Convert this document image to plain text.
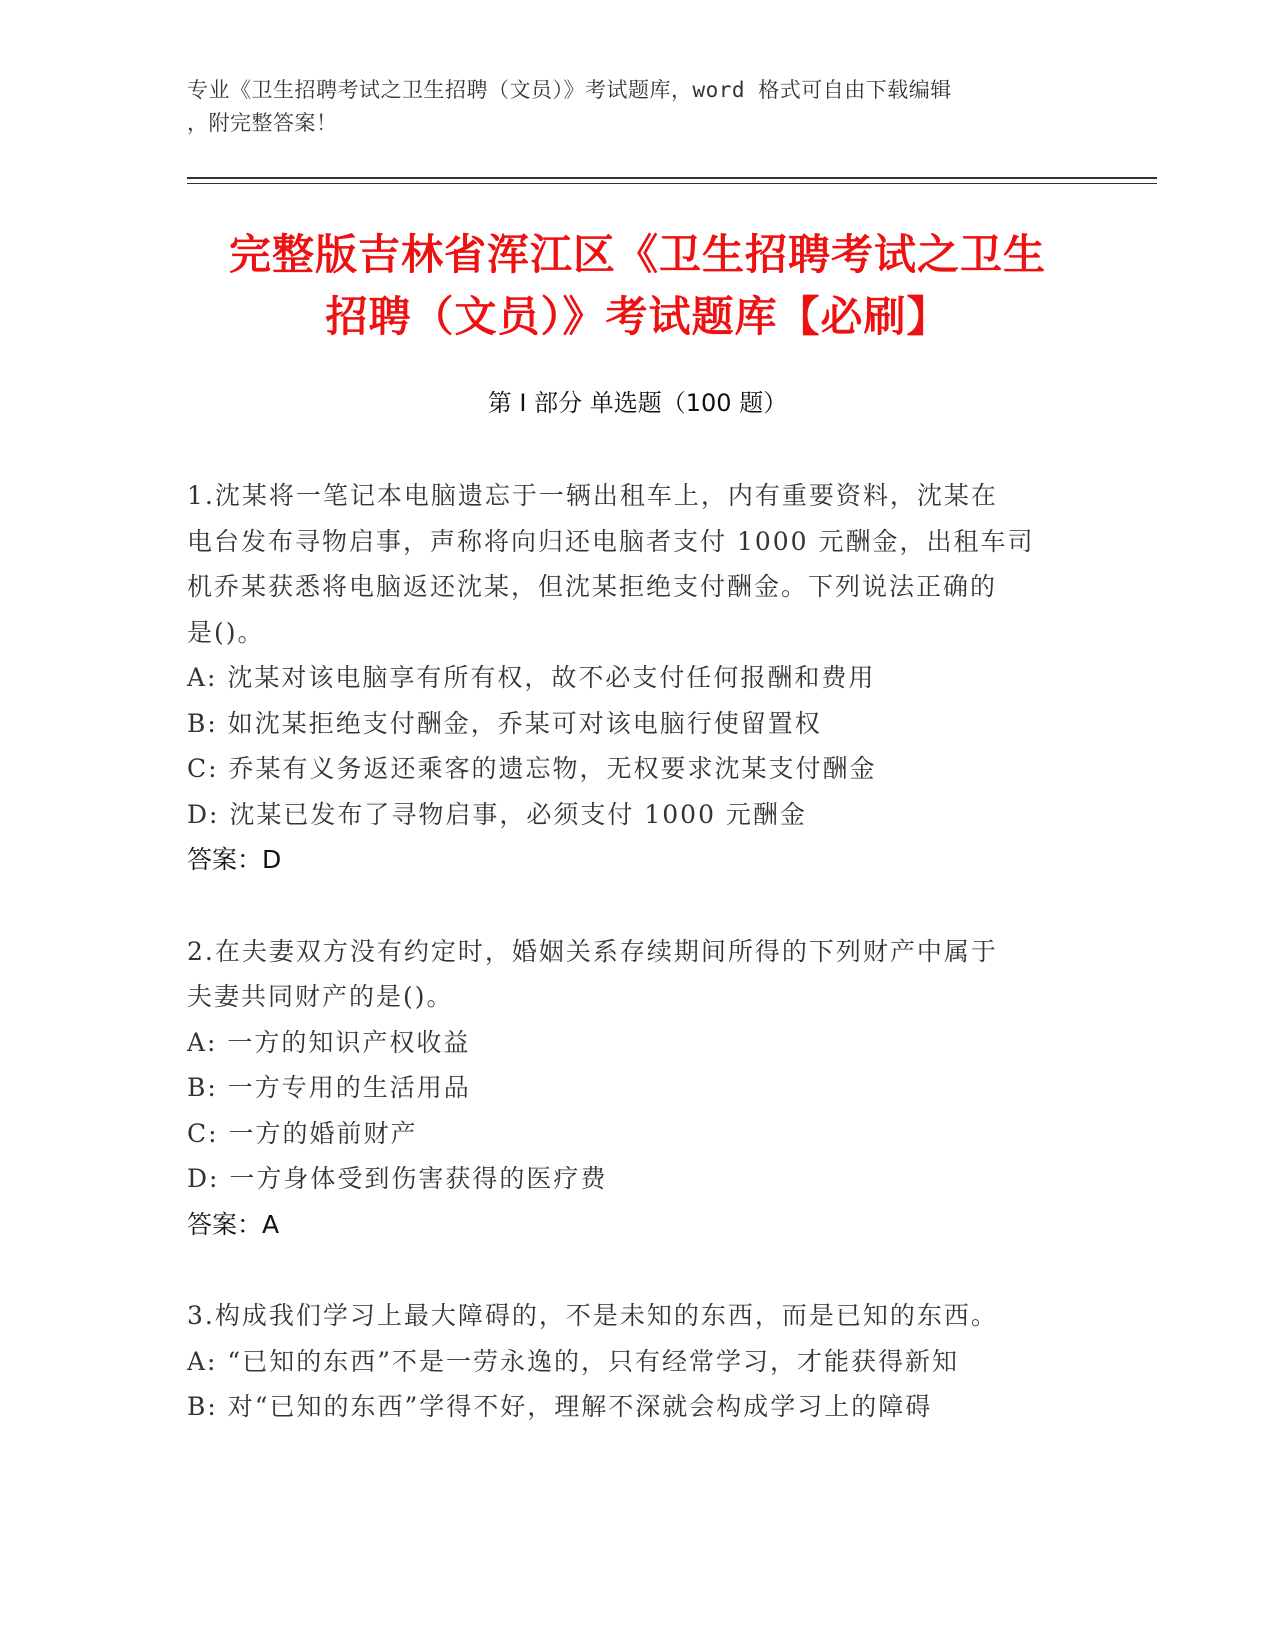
专业《卫生招聘考试之卫生招聘（文员）》考试题库，word 格式可自由下载编辑
，附完整答案！
完整版吉林省浑江区《卫生招聘考试之卫生
招聘（文员）》考试题库【必刷】
第 I 部分 单选题（100 题）

1.沈某将一笔记本电脑遗忘于一辆出租车上，内有重要资料，沈某在

电台发布寻物启事，声称将向归还电脑者支付 1000 元酬金，出租车司

机乔某获悉将电脑返还沈某，但沈某拒绝支付酬金。下列说法正确的

是()。

A: 沈某对该电脑享有所有权，故不必支付任何报酬和费用

B: 如沈某拒绝支付酬金，乔某可对该电脑行使留置权

C: 乔某有义务返还乘客的遗忘物，无权要求沈某支付酬金

D: 沈某已发布了寻物启事，必须支付 1000 元酬金

答案：D

2.在夫妻双方没有约定时，婚姻关系存续期间所得的下列财产中属于

夫妻共同财产的是()。

A: 一方的知识产权收益

B: 一方专用的生活用品

C: 一方的婚前财产

D: 一方身体受到伤害获得的医疗费

答案：A

3.构成我们学习上最大障碍的，不是未知的东西，而是已知的东西。

A: “已知的东西”不是一劳永逸的，只有经常学习，才能获得新知

B: 对“已知的东西”学得不好，理解不深就会构成学习上的障碍
